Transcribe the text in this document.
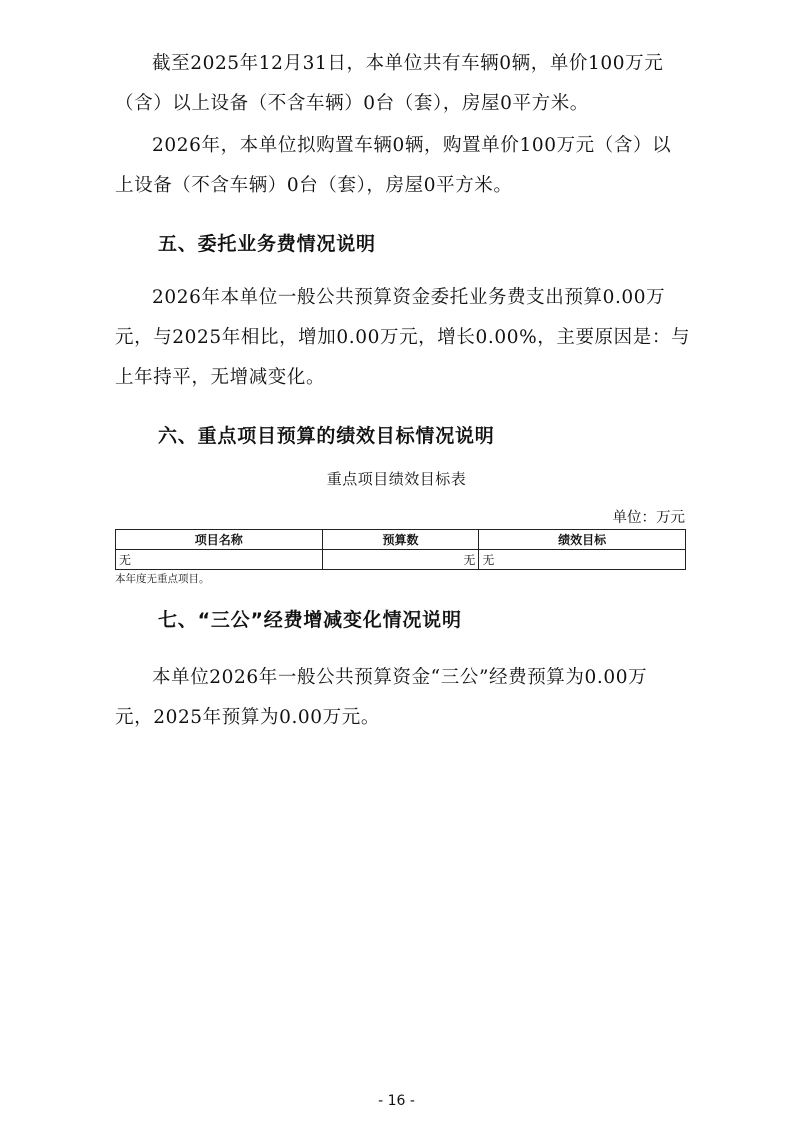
截至2025年12月31日，本单位共有车辆0辆，单价100万元
（含）以上设备（不含车辆）0台（套），房屋0平方米。

2026年，本单位拟购置车辆0辆，购置单价100万元（含）以
上设备（不含车辆）0台（套），房屋0平方米。

五、委托业务费情况说明

2026年本单位一般公共预算资金委托业务费支出预算0.00万
元，与2025年相比，增加0.00万元，增长0.00%，主要原因是：与
上年持平，无增减变化。

六、重点项目预算的绩效目标情况说明
重点项目绩效目标表
单位：万元
项目名称	预算数	绩效目标
无	无	无
本年度无重点项目。
七、“三公”经费增减变化情况说明

本单位2026年一般公共预算资金“三公”经费预算为0.00万
元，2025年预算为0.00万元。

- 16 -
